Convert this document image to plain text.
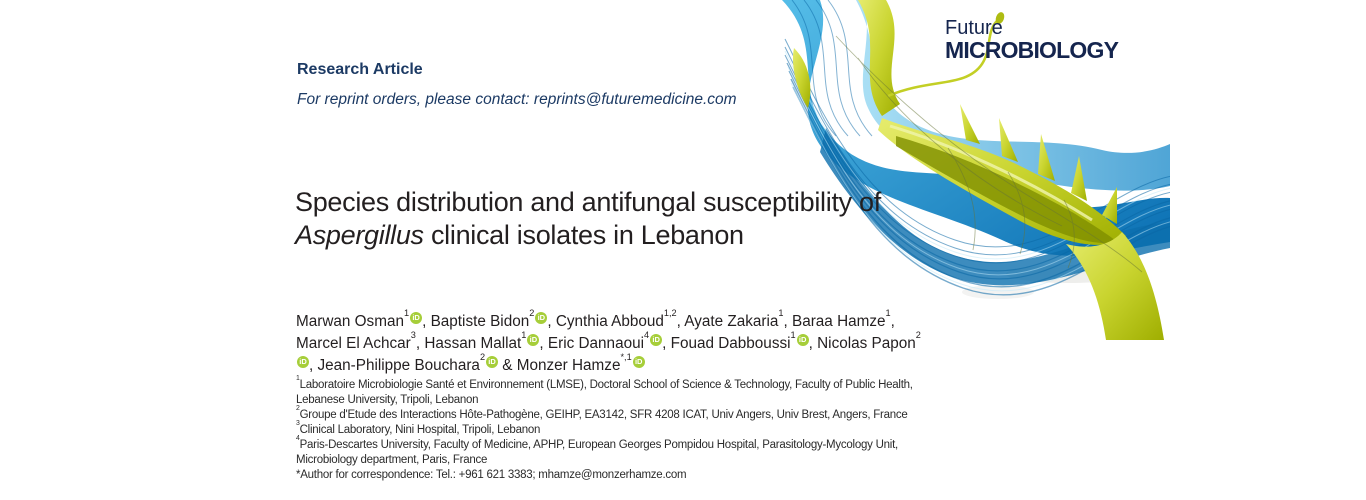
Future
MICROBIOLOGY
Research Article
For reprint orders, please contact: reprints@futuremedicine.com
Species distribution and antifungal susceptibility of Aspergillus clinical isolates in Lebanon
Marwan Osman$^1$ iD , Baptiste Bidon$^2$ iD , Cynthia Abboud$^{1,2}$, Ayate Zakaria$^1$, Baraa Hamze$^1$, Marcel El Achcar$^3$, Hassan Mallat$^1$ iD , Eric Dannaoui$^4$ iD , Fouad Dabboussi$^1$ iD , Nicolas Papon$^2$iD , Jean-Philippe Bouchara$^2$ iD & Monzer Hamze$^{*,1}$ iD
$^1$Laboratoire Microbiologie Santé et Environnement (LMSE), Doctoral School of Science & Technology, Faculty of Public Health, Lebanese University, Tripoli, Lebanon
$^2$Groupe d'Etude des Interactions Hôte-Pathogène, GEIHP, EA3142, SFR 4208 ICAT, Univ Angers, Univ Brest, Angers, France
$^3$Clinical Laboratory, Nini Hospital, Tripoli, Lebanon
$^4$Paris-Descartes University, Faculty of Medicine, APHP, European Georges Pompidou Hospital, Parasitology-Mycology Unit, Microbiology department, Paris, France
*Author for correspondence: Tel.: +961 621 3383; mhamze@monzerhamze.com
